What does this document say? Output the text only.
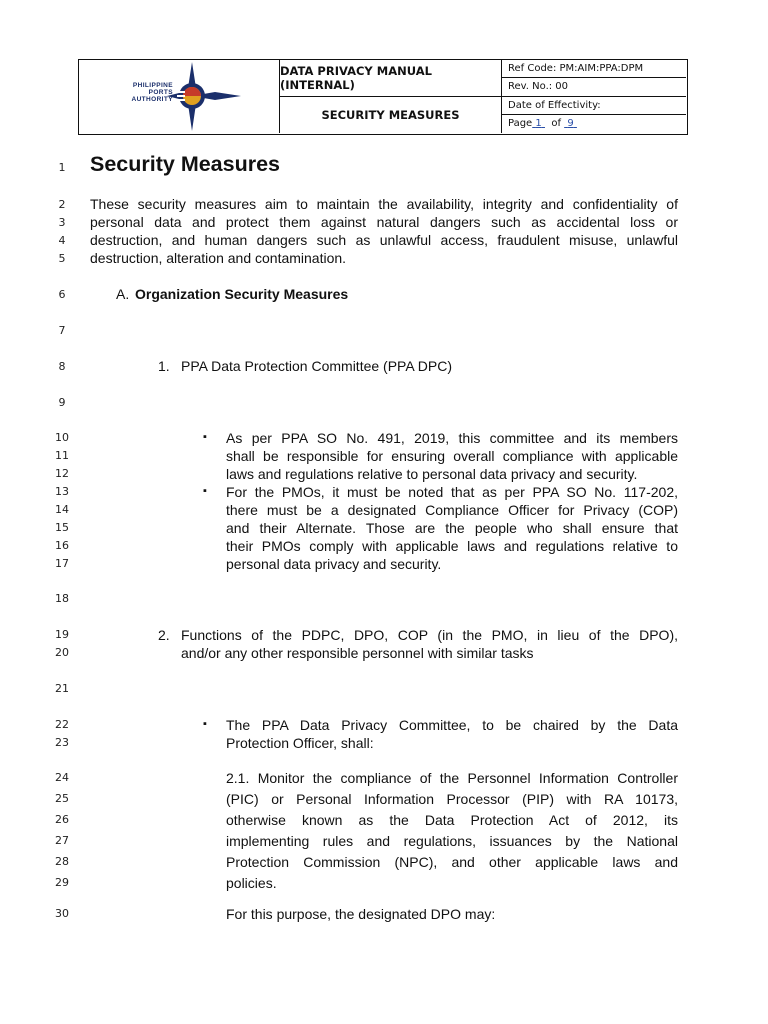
PHILIPPINE
PORTS
AUTHORITY
DATA PRIVACY MANUAL (INTERNAL)
SECURITY MEASURES
Ref Code: PM:AIM:PPA:DPM
Rev. No.: 00
Date of Effectivity:
Page 1 of 9
1
2
3
4
5
6
7
8
9
10
11
12
13
14
15
16
17
18
19
20
21
22
23
24
25
26
27
28
29
30
Security Measures
These security measures aim to maintain the availability, integrity and confidentiality of
personal data and protect them against natural dangers such as accidental loss or
destruction, and human dangers such as unlawful access, fraudulent misuse, unlawful
destruction, alteration and contamination.
A. Organization Security Measures
1. PPA Data Protection Committee (PPA DPC)
▪ As per PPA SO No. 491, 2019, this committee and its members
shall be responsible for ensuring overall compliance with applicable
laws and regulations relative to personal data privacy and security.
▪ For the PMOs, it must be noted that as per PPA SO No. 117-202,
there must be a designated Compliance Officer for Privacy (COP)
and their Alternate. Those are the people who shall ensure that
their PMOs comply with applicable laws and regulations relative to
personal data privacy and security.
2. Functions of the PDPC, DPO, COP (in the PMO, in lieu of the DPO),
and/or any other responsible personnel with similar tasks
▪ The PPA Data Privacy Committee, to be chaired by the Data
Protection Officer, shall:
2.1. Monitor the compliance of the Personnel Information Controller
(PIC) or Personal Information Processor (PIP) with RA 10173,
otherwise known as the Data Protection Act of 2012, its
implementing rules and regulations, issuances by the National
Protection Commission (NPC), and other applicable laws and
policies.
For this purpose, the designated DPO may:
